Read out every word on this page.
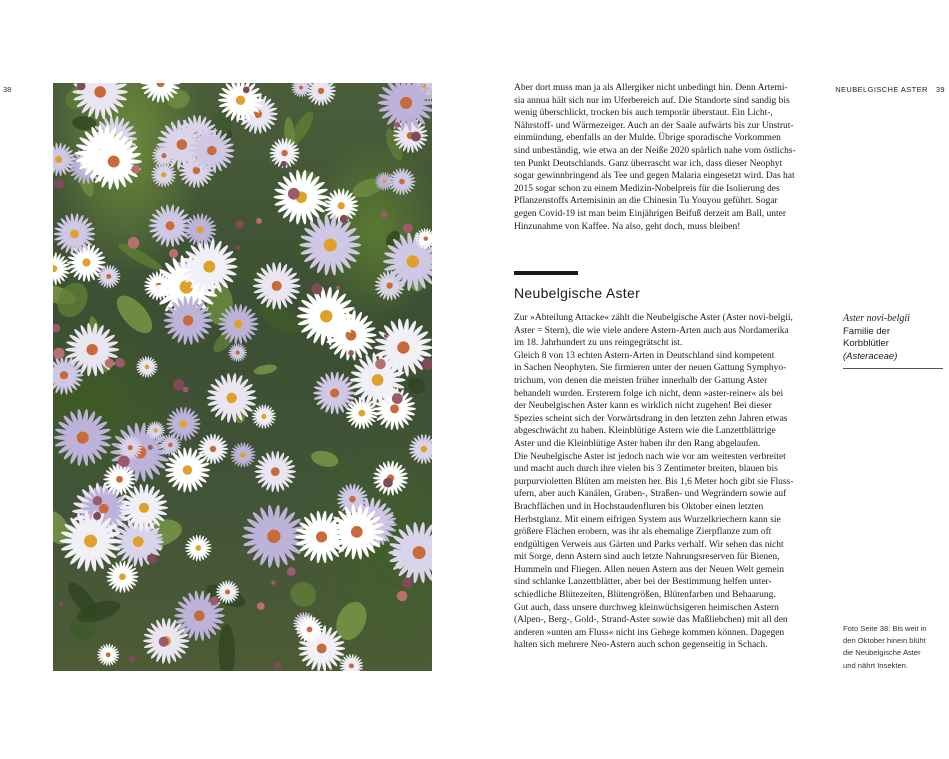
38	NEUBELGISCHE ASTER 39

Aber dort muss man ja als Allergiker nicht unbedingt hin. Denn Artemi-
sia annua hält sich nur im Uferbereich auf. Die Standorte sind sandig bis
wenig überschlickt, trocken bis auch temporär überstaut. Ein Licht-,
Nährstoff- und Wärmezeiger. Auch an der Saale aufwärts bis zur Unstrut-
einmündung, ebenfalls an der Mulde. Übrige sporadische Vorkommen
sind unbeständig, wie etwa an der Neiße 2020 spärlich nahe vom östlichs-
ten Punkt Deutschlands. Ganz überrascht war ich, dass dieser Neophyt
sogar gewinnbringend als Tee und gegen Malaria eingesetzt wird. Das hat
2015 sogar schon zu einem Medizin-Nobelpreis für die Isolierung des
Pflanzenstoffs Artemisinin an die Chinesin Tu Youyou geführt. Sogar
gegen Covid-19 ist man beim Einjährigen Beifuß derzeit am Ball, unter
Hinzunahme von Kaffee. Na also, geht doch, muss bleiben!

Neubelgische Aster

Zur »Abteilung Attacke« zählt die Neubelgische Aster (Aster novi-belgii,
Aster = Stern), die wie viele andere Astern-Arten auch aus Nordamerika
im 18. Jahrhundert zu uns reingegrätscht ist.
Gleich 8 von 13 echten Astern-Arten in Deutschland sind kompetent
in Sachen Neophyten. Sie firmieren unter der neuen Gattung Symphyo-
trichum, von denen die meisten früher innerhalb der Gattung Aster
behandelt wurden. Ersterem folge ich nicht, denn »aster-reiner« als bei
der Neubelgischen Aster kann es wirklich nicht zugehen! Bei dieser
Spezies scheint sich der Vorwärtsdrang in den letzten zehn Jahren etwas
abgeschwächt zu haben. Kleinblütige Astern wie die Lanzettblättrige
Aster und die Kleinblütige Aster haben ihr den Rang abgelaufen.
Die Neubelgische Aster ist jedoch nach wie vor am weitesten verbreitet
und macht auch durch ihre vielen bis 3 Zentimeter breiten, blauen bis
purpurvioletten Blüten am meisten her. Bis 1,6 Meter hoch gibt sie Fluss-
ufern, aber auch Kanälen, Graben-, Straßen- und Wegrändern sowie auf
Brachflächen und in Hochstaudenfluren bis Oktober einen letzten
Herbstglanz. Mit einem eifrigen System aus Wurzelkriechern kann sie
größere Flächen erobern, was ihr als ehemalige Zierpflanze zum oft
endgültigen Verweis aus Gärten und Parks verhalf. Wir sehen das nicht
mit Sorge, denn Astern sind auch letzte Nahrungsreserven für Bienen,
Hummeln und Fliegen. Allen neuen Astern aus der Neuen Welt gemein
sind schlanke Lanzettblätter, aber bei der Bestimmung helfen unter-
schiedliche Blütezeiten, Blütengrößen, Blütenfarben und Behaarung.
Gut auch, dass unsere durchweg kleinwüchsigeren heimischen Astern
(Alpen-, Berg-, Gold-, Strand-Aster sowie das Maßliebchen) mit all den
anderen »unten am Fluss« nicht ins Gehege kommen können. Dagegen
halten sich mehrere Neo-Astern auch schon gegenseitig in Schach.

Aster novi-belgii
Familie der
Korbblütler
(Asteraceae)
Foto Seite 38: Bis weit in
den Oktober hinein blüht
die Neubelgische Aster
und nährt Insekten.
